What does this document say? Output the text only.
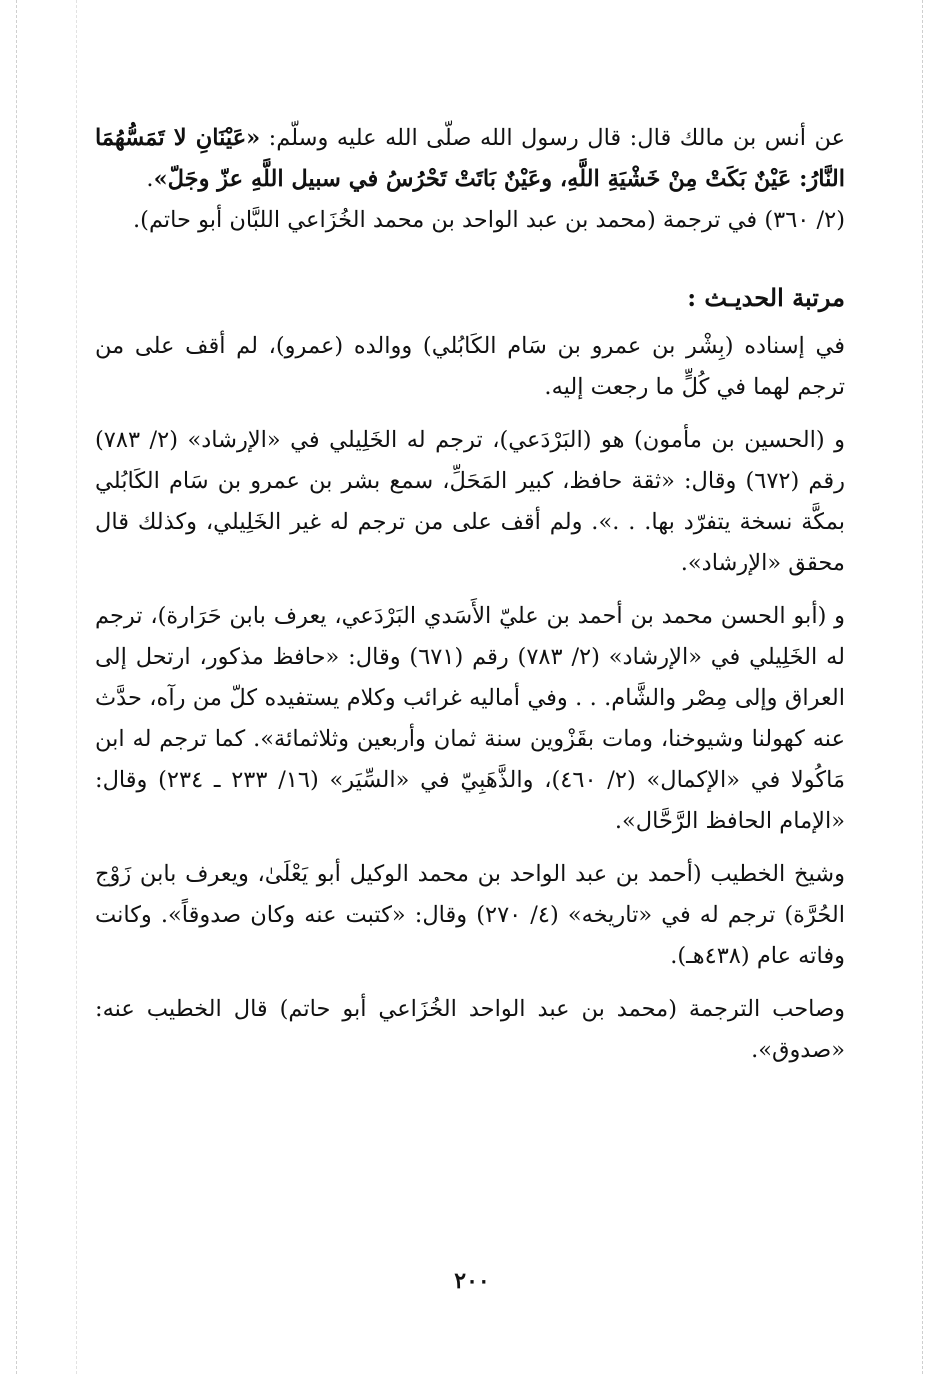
عن أنس بن مالك قال: قال رسول الله صلّى الله عليه وسلّم: «عَيْنَانِ لا تَمَسُّهُمَا النَّارُ: عَيْنٌ بَكَتْ مِنْ خَشْيَةِ اللَّهِ، وعَيْنٌ بَاتَتْ تَحْرُسُ في سبيل اللَّهِ عزّ وجَلّ».

(٢/ ٣٦٠) في ترجمة (محمد بن عبد الواحد بن محمد الخُزَاعي اللبَّان أبو حاتم).

مرتبة الحديـث :

في إسناده (بِشْر بن عمرو بن سَام الكَابُلي) ووالده (عمرو)، لم أقف على من ترجم لهما في كُلٍّ ما رجعت إليه.

و (الحسين بن مأمون) هو (البَرْدَعي)، ترجم له الخَلِيلي في «الإرشاد» (٢/ ٧٨٣) رقم (٦٧٢) وقال: «ثقة حافظ، كبير المَحَلِّ، سمع بشر بن عمرو بن سَام الكَابُلي بمكَّة نسخة يتفرّد بها. . .». ولم أقف على من ترجم له غير الخَلِيلي، وكذلك قال محقق «الإرشاد».

و (أبو الحسن محمد بن أحمد بن عليّ الأَسَدي البَرْدَعي، يعرف بابن حَرَارة)، ترجم له الخَلِيلي في «الإرشاد» (٢/ ٧٨٣) رقم (٦٧١) وقال: «حافظ مذكور، ارتحل إلى العراق وإلى مِصْر والشَّام. . . وفي أماليه غرائب وكلام يستفيده كلّ من رآه، حدَّث عنه كهولنا وشيوخنا، ومات بقَزْوين سنة ثمان وأربعين وثلاثمائة». كما ترجم له ابن مَاكُولا في «الإكمال» (٢/ ٤٦٠)، والذَّهَبِيّ في «السِّيَر» (١٦/ ٢٣٣ ـ ٢٣٤) وقال: «الإمام الحافظ الرَّحَّال».

وشيخ الخطيب (أحمد بن عبد الواحد بن محمد الوكيل أبو يَعْلَىٰ، ويعرف بابن زَوْج الحُرَّة) ترجم له في «تاريخه» (٤/ ٢٧٠) وقال: «كتبت عنه وكان صدوقاً». وكانت وفاته عام (٤٣٨هـ).

وصاحب الترجمة (محمد بن عبد الواحد الخُزَاعي أبو حاتم) قال الخطيب عنه: «صدوق».

٢٠٠
